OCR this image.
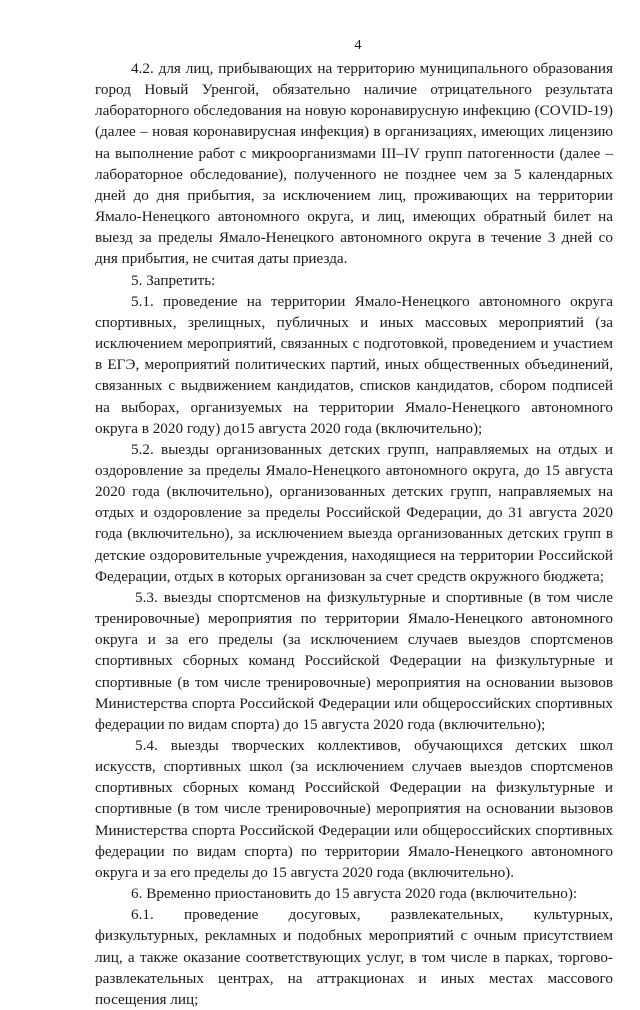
4

4.2. для лиц, прибывающих на территорию муниципального образования город Новый Уренгой, обязательно наличие отрицательного результата лабораторного обследования на новую коронавирусную инфекцию (COVID-19) (далее – новая коронавирусная инфекция) в организациях, имеющих лицензию на выполнение работ с микроорганизмами III–IV групп патогенности (далее – лабораторное обследование), полученного не позднее чем за 5 календарных дней до дня прибытия, за исключением лиц, проживающих на территории Ямало-Ненецкого автономного округа, и лиц, имеющих обратный билет на выезд за пределы Ямало-Ненецкого автономного округа в течение 3 дней со дня прибытия, не считая даты приезда.

5. Запретить:

5.1. проведение на территории Ямало-Ненецкого автономного округа спортивных, зрелищных, публичных и иных массовых мероприятий (за исключением мероприятий, связанных с подготовкой, проведением и участием в ЕГЭ, мероприятий политических партий, иных общественных объединений, связанных с выдвижением кандидатов, списков кандидатов, сбором подписей на выборах, организуемых на территории Ямало-Ненецкого автономного округа в 2020 году) до15 августа 2020 года (включительно);

5.2. выезды организованных детских групп, направляемых на отдых и оздоровление за пределы Ямало-Ненецкого автономного округа, до 15 августа 2020 года (включительно), организованных детских групп, направляемых на отдых и оздоровление за пределы Российской Федерации, до 31 августа 2020 года (включительно), за исключением выезда организованных детских групп в детские оздоровительные учреждения, находящиеся на территории Российской Федерации, отдых в которых организован за счет средств окружного бюджета;

5.3. выезды спортсменов на физкультурные и спортивные (в том числе тренировочные) мероприятия по территории Ямало-Ненецкого автономного округа и за его пределы (за исключением случаев выездов спортсменов спортивных сборных команд Российской Федерации на физкультурные и спортивные (в том числе тренировочные) мероприятия на основании вызовов Министерства спорта Российской Федерации или общероссийских спортивных федерации по видам спорта) до 15 августа 2020 года (включительно);

5.4. выезды творческих коллективов, обучающихся детских школ искусств, спортивных школ (за исключением случаев выездов спортсменов спортивных сборных команд Российской Федерации на физкультурные и спортивные (в том числе тренировочные) мероприятия на основании вызовов Министерства спорта Российской Федерации или общероссийских спортивных федерации по видам спорта) по территории Ямало-Ненецкого автономного округа и за его пределы до 15 августа 2020 года (включительно).

6. Временно приостановить до 15 августа 2020 года (включительно):

6.1. проведение досуговых, развлекательных, культурных, физкультурных, рекламных и подобных мероприятий с очным присутствием лиц, а также оказание соответствующих услуг, в том числе в парках, торгово-развлекательных центрах, на аттракционах и иных местах массового посещения лиц;
